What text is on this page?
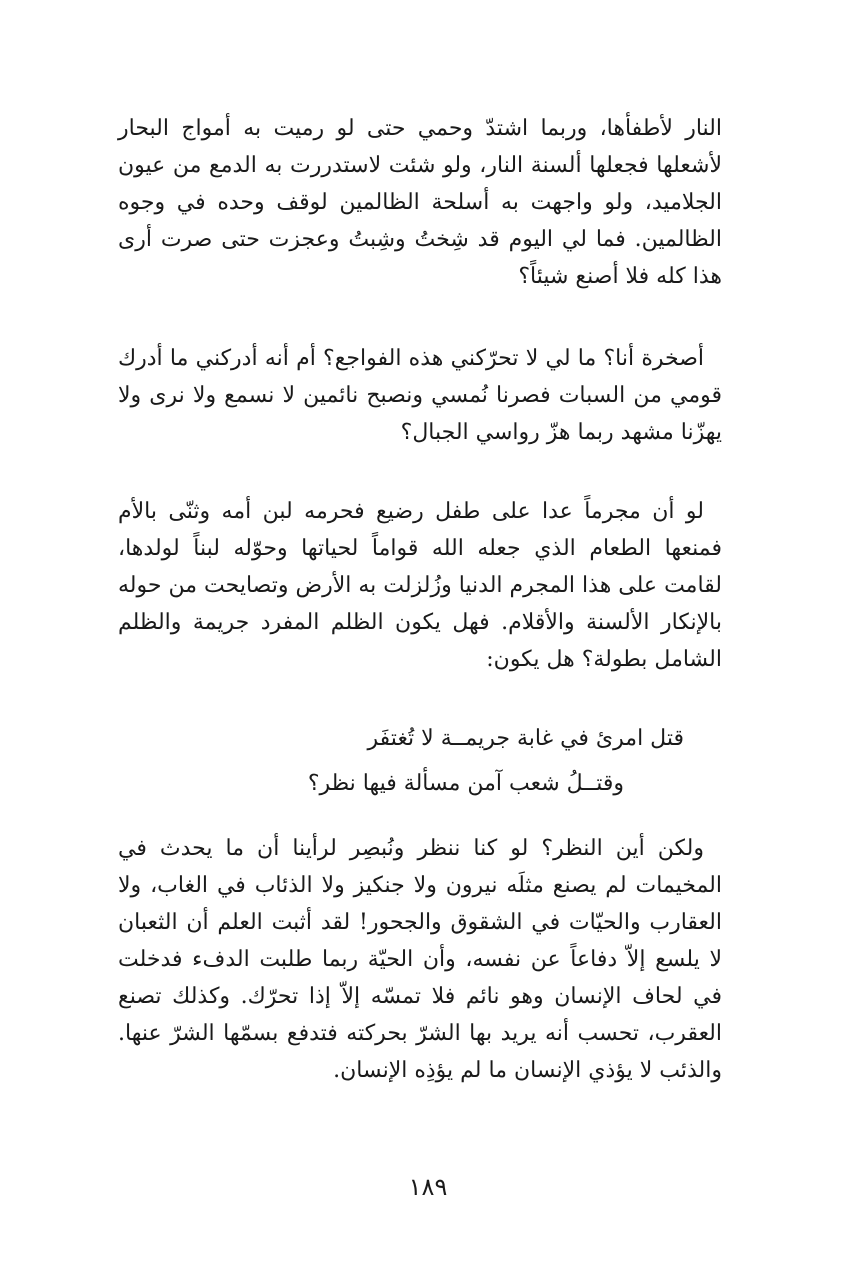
النار لأطفأها، وربما اشتدّ وحمي حتى لو رميت به أمواج البحار لأشعلها فجعلها ألسنة النار، ولو شئت لاستدررت به الدمع من عيون الجلاميد، ولو واجهت به أسلحة الظالمين لوقف وحده في وجوه الظالمين. فما لي اليوم قد شِختُ وشِبتُ وعجزت حتى صرت أرى هذا كله فلا أصنع شيئاً؟

أصخرة أنا؟ ما لي لا تحرّكني هذه الفواجع؟ أم أنه أدركني ما أدرك قومي من السبات فصرنا نُمسي ونصبح نائمين لا نسمع ولا نرى ولا يهزّنا مشهد ربما هزّ رواسي الجبال؟

لو أن مجرماً عدا على طفل رضيع فحرمه لبن أمه وثنّى بالأم فمنعها الطعام الذي جعله الله قواماً لحياتها وحوّله لبناً لولدها، لقامت على هذا المجرم الدنيا وزُلزلت به الأرض وتصايحت من حوله بالإنكار الألسنة والأقلام. فهل يكون الظلم المفرد جريمة والظلم الشامل بطولة؟ هل يكون:

قتل امرئ في غابة جريمــة لا تُغتفَر
وقتــلُ شعب آمن مسألة فيها نظر؟

ولكن أين النظر؟ لو كنا ننظر ونُبصِر لرأينا أن ما يحدث في المخيمات لم يصنع مثلَه نيرون ولا جنكيز ولا الذئاب في الغاب، ولا العقارب والحيّات في الشقوق والجحور! لقد أثبت العلم أن الثعبان لا يلسع إلاّ دفاعاً عن نفسه، وأن الحيّة ربما طلبت الدفء فدخلت في لحاف الإنسان وهو نائم فلا تمسّه إلاّ إذا تحرّك. وكذلك تصنع العقرب، تحسب أنه يريد بها الشرّ بحركته فتدفع بسمّها الشرّ عنها. والذئب لا يؤذي الإنسان ما لم يؤذِه الإنسان.

١٨٩
